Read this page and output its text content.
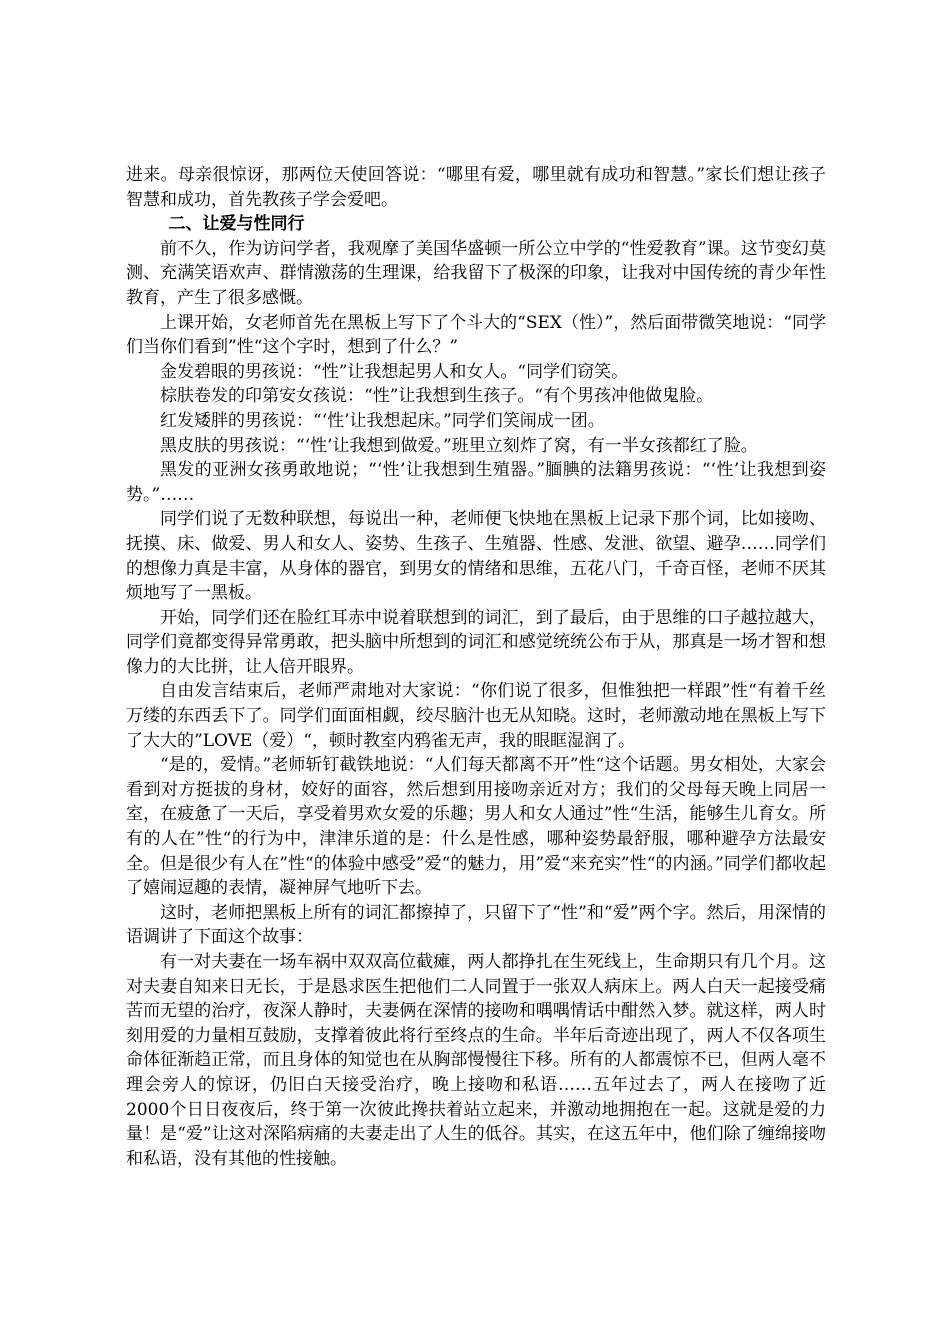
进来。母亲很惊讶，那两位天使回答说：“哪里有爱，哪里就有成功和智慧。”家长们想让孩子智慧和成功，首先教孩子学会爱吧。

二、让爱与性同行

前不久，作为访问学者，我观摩了美国华盛顿一所公立中学的“性爱教育”课。这节变幻莫测、充满笑语欢声、群情激荡的生理课，给我留下了极深的印象，让我对中国传统的青少年性教育，产生了很多感慨。

上课开始，女老师首先在黑板上写下了个斗大的“SEX（性）”，然后面带微笑地说：“同学们当你们看到”性“这个字时，想到了什么？”

金发碧眼的男孩说：“性”让我想起男人和女人。“同学们窃笑。

棕肤卷发的印第安女孩说：“性”让我想到生孩子。“有个男孩冲他做鬼脸。

红发矮胖的男孩说：“‘性’让我想起床。”同学们笑闹成一团。

黑皮肤的男孩说：“‘性’让我想到做爱。”班里立刻炸了窝，有一半女孩都红了脸。

黑发的亚洲女孩勇敢地说；“‘性’让我想到生殖器。”腼腆的法籍男孩说：“‘性’让我想到姿势。”……

同学们说了无数种联想，每说出一种，老师便飞快地在黑板上记录下那个词，比如接吻、抚摸、床、做爱、男人和女人、姿势、生孩子、生殖器、性感、发泄、欲望、避孕……同学们的想像力真是丰富，从身体的器官，到男女的情绪和思维，五花八门，千奇百怪，老师不厌其烦地写了一黑板。

开始，同学们还在脸红耳赤中说着联想到的词汇，到了最后，由于思维的口子越拉越大，同学们竟都变得异常勇敢，把头脑中所想到的词汇和感觉统统公布于从，那真是一场才智和想像力的大比拼，让人倍开眼界。

自由发言结束后，老师严肃地对大家说：“你们说了很多，但惟独把一样跟”性“有着千丝万缕的东西丢下了。同学们面面相觑，绞尽脑汁也无从知晓。这时，老师激动地在黑板上写下了大大的”LOVE（爱）“，顿时教室内鸦雀无声，我的眼眶湿润了。

“是的，爱情。”老师斩钉截铁地说：“人们每天都离不开”性“这个话题。男女相处，大家会看到对方挺拔的身材，姣好的面容，然后想到用接吻亲近对方；我们的父母每天晚上同居一室，在疲惫了一天后，享受着男欢女爱的乐趣；男人和女人通过”性“生活，能够生儿育女。所有的人在”性“的行为中，津津乐道的是：什么是性感，哪种姿势最舒服，哪种避孕方法最安全。但是很少有人在”性“的体验中感受”爱“的魅力，用”爱“来充实”性“的内涵。”同学们都收起了嬉闹逗趣的表情，凝神屏气地听下去。

这时，老师把黑板上所有的词汇都擦掉了，只留下了“性”和“爱”两个字。然后，用深情的语调讲了下面这个故事：

有一对夫妻在一场车祸中双双高位截瘫，两人都挣扎在生死线上，生命期只有几个月。这对夫妻自知来日无长，于是恳求医生把他们二人同置于一张双人病床上。两人白天一起接受痛苦而无望的治疗，夜深人静时，夫妻俩在深情的接吻和喁喁情话中酣然入梦。就这样，两人时刻用爱的力量相互鼓励，支撑着彼此将行至终点的生命。半年后奇迹出现了，两人不仅各项生命体征渐趋正常，而且身体的知觉也在从胸部慢慢往下移。所有的人都震惊不已，但两人毫不理会旁人的惊讶，仍旧白天接受治疗，晚上接吻和私语……五年过去了，两人在接吻了近2000个日日夜夜后，终于第一次彼此搀扶着站立起来，并激动地拥抱在一起。这就是爱的力量！是“爱”让这对深陷病痛的夫妻走出了人生的低谷。其实，在这五年中，他们除了缠绵接吻和私语，没有其他的性接触。
